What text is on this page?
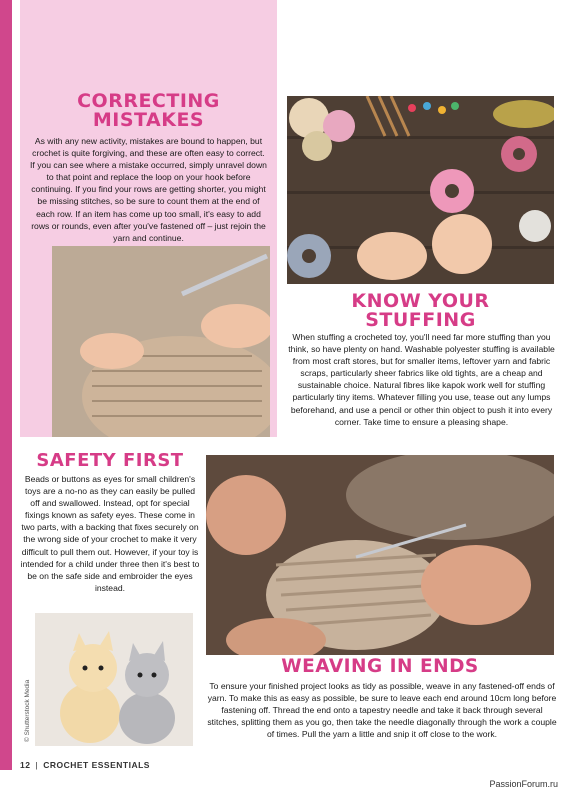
CORRECTING
MISTAKES

As with any new activity, mistakes are bound to happen, but crochet is quite forgiving, and these are often easy to correct. If you can see where a mistake occurred, simply unravel down to that point and replace the loop on your hook before continuing. If you find your rows are getting shorter, you might be missing stitches, so be sure to count them at the end of each row. If an item has come up too small, it's easy to add rows or rounds, even after you've fastened off – just rejoin the yarn and continue.

KNOW YOUR
STUFFING

When stuffing a crocheted toy, you'll need far more stuffing than you think, so have plenty on hand. Washable polyester stuffing is available from most craft stores, but for smaller items, leftover yarn and fabric scraps, particularly sheer fabrics like old tights, are a cheap and sustainable choice. Natural fibres like kapok work well for stuffing particularly tiny items. Whatever filling you use, tease out any lumps beforehand, and use a pencil or other thin object to push it into every corner. Take time to ensure a pleasing shape.

SAFETY FIRST

Beads or buttons as eyes for small children's toys are a no-no as they can easily be pulled off and swallowed. Instead, opt for special fixings known as safety eyes. These come in two parts, with a backing that fixes securely on the wrong side of your crochet to make it very difficult to pull them out. However, if your toy is intended for a child under three then it's best to be on the safe side and embroider the eyes instead.

© Shutterstock Media
WEAVING IN ENDS

To ensure your finished project looks as tidy as possible, weave in any fastened-off ends of yarn. To make this as easy as possible, be sure to leave each end around 10cm long before fastening off. Thread the end onto a tapestry needle and take it back through several stitches, splitting them as you go, then take the needle diagonally through the work a couple of times. Pull the yarn a little and snip it off close to the work.

12 | CROCHET ESSENTIALS
PassionForum.ru
